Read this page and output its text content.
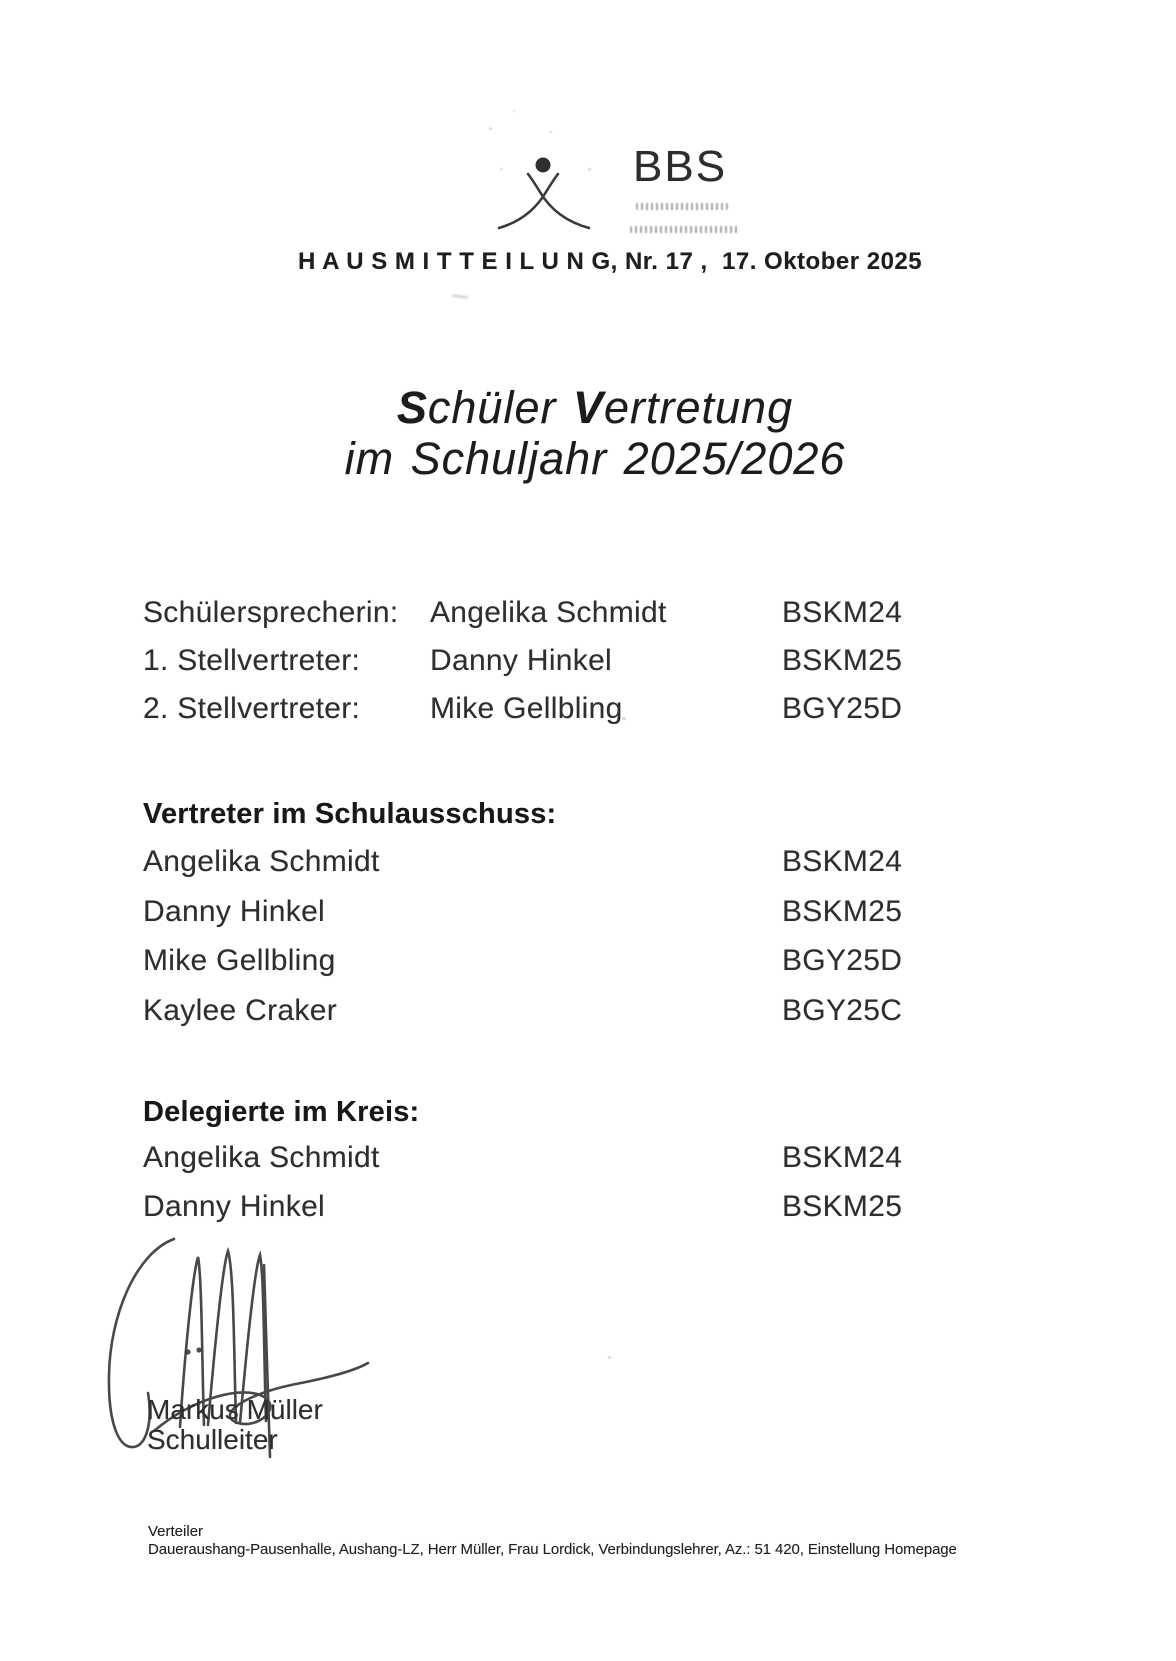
BBS
H A U S M I T T E I L U N G, Nr. 17 ,  17. Oktober 2025
Schüler Vertretung
im Schuljahr 2025/2026
Schülersprecherin: Angelika Schmidt	BSKM24
1. Stellvertreter: Danny Hinkel	BSKM25
2. Stellvertreter: Mike Gellbling	BGY25D
Vertreter im Schulausschuss:
Angelika Schmidt	BSKM24
Danny Hinkel	BSKM25
Mike Gellbling	BGY25D
Kaylee Craker	BGY25C
Delegierte im Kreis:
Angelika Schmidt	BSKM24
Danny Hinkel	BSKM25
Markus Müller
Schulleiter
Verteiler
Daueraushang-Pausenhalle, Aushang-LZ, Herr Müller, Frau Lordick, Verbindungslehrer, Az.: 51 420, Einstellung Homepage
